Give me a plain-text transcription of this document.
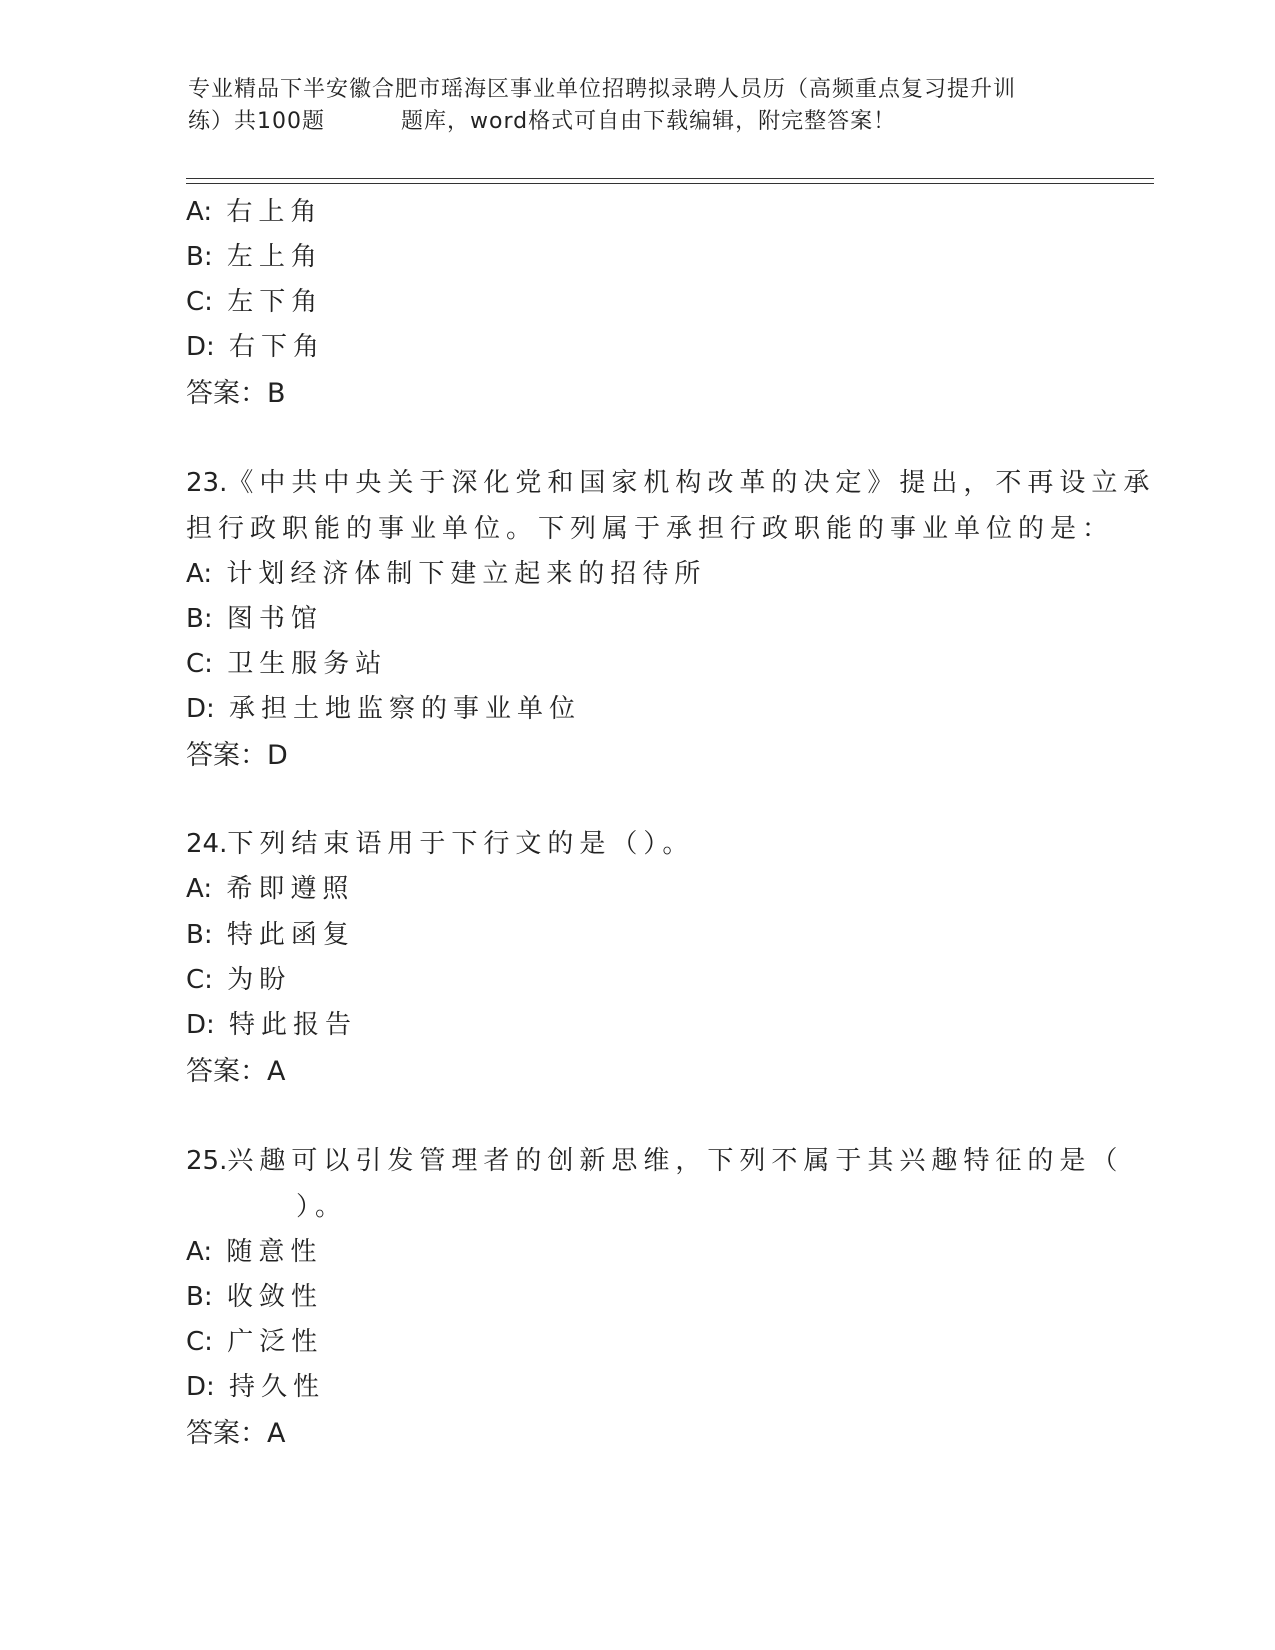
专业精品下半安徽合肥市瑶海区事业单位招聘拟录聘人员历（高频重点复习提升训
练）共100题	题库，word格式可自由下载编辑，附完整答案！
A: 右上角
B: 左上角
C: 左下角
D: 右下角
答案：B
23.《中共中央关于深化党和国家机构改革的决定》提出，不再设立承
担行政职能的事业单位。下列属于承担行政职能的事业单位的是：
A: 计划经济体制下建立起来的招待所
B: 图书馆
C: 卫生服务站
D: 承担土地监察的事业单位
答案：D
24.下列结束语用于下行文的是（）。
A: 希即遵照
B: 特此函复
C: 为盼
D: 特此报告
答案：A
25.兴趣可以引发管理者的创新思维，下列不属于其兴趣特征的是（
）。
A: 随意性
B: 收敛性
C: 广泛性
D: 持久性
答案：A
